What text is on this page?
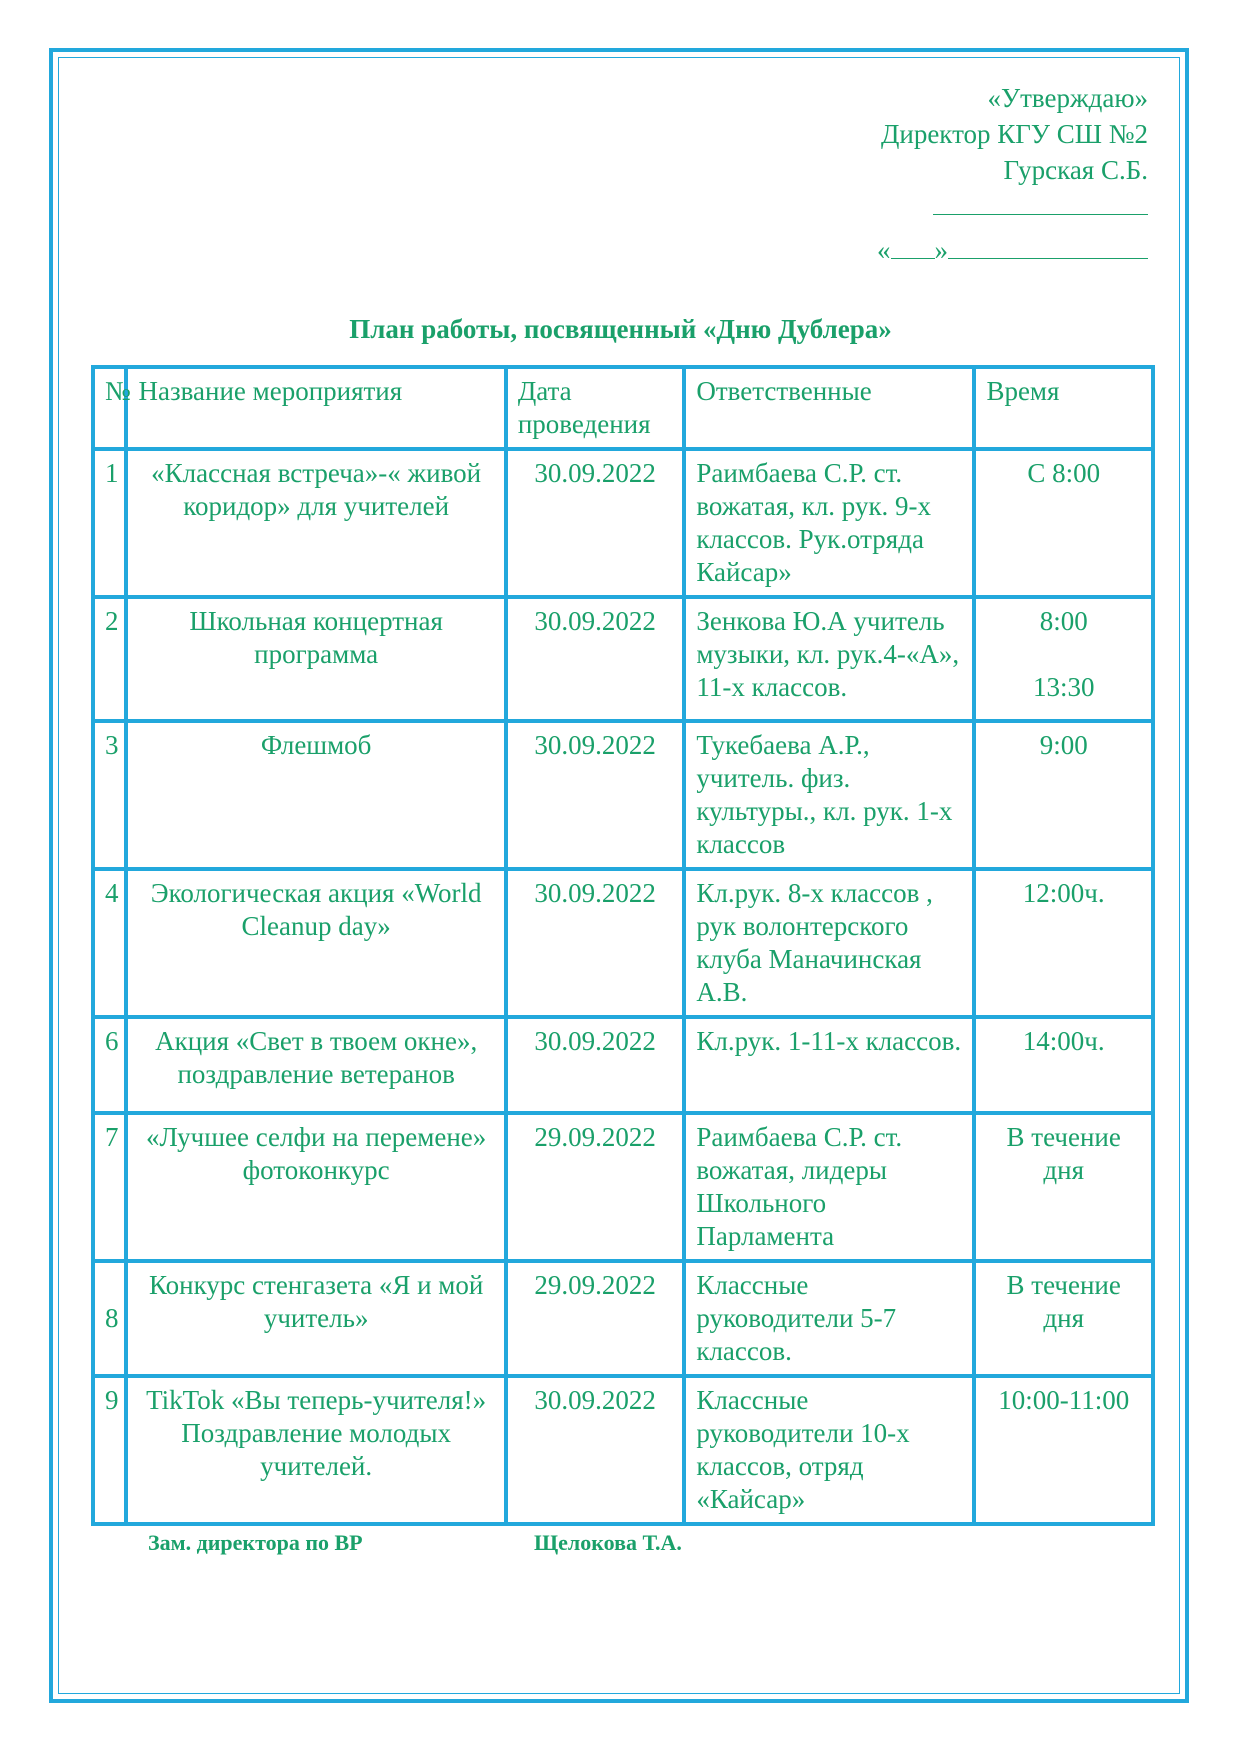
«Утверждаю»
Директор КГУ СШ №2
Гурская С.Б.
« »
План работы, посвященный «Дню Дублера»
№	Название мероприятия	Дата проведения	Ответственные	Время
1	«Классная встреча»-« живой коридор» для учителей	30.09.2022	Раимбаева С.Р. ст. вожатая, кл. рук. 9-х классов. Рук.отряда Кайсар»	С 8:00
2	Школьная концертная программа	30.09.2022	Зенкова Ю.А учитель музыки, кл. рук.4-«А», 11-х классов.	8:00
13:30
3	Флешмоб	30.09.2022	Тукебаева А.Р., учитель. физ. культуры., кл. рук. 1-х классов	9:00
4	Экологическая акция «World Cleanup day»	30.09.2022	Кл.рук. 8-х классов , рук волонтерского клуба Маначинская А.В.	12:00ч.
6	Акция «Свет в твоем окне», поздравление ветеранов	30.09.2022	Кл.рук. 1-11-х классов.	14:00ч.
7	«Лучшее селфи на перемене» фотоконкурс	29.09.2022	Раимбаева С.Р. ст. вожатая, лидеры Школьного Парламента	В течение дня
8	Конкурс стенгазета «Я и мой учитель»	29.09.2022	Классные руководители 5-7 классов.	В течение дня
9	TikTok «Вы теперь-учителя!» Поздравление молодых учителей.	30.09.2022	Классные руководители 10-х классов, отряд «Кайсар»	10:00-11:00
Зам. директора по ВР	Щелокова Т.А.
